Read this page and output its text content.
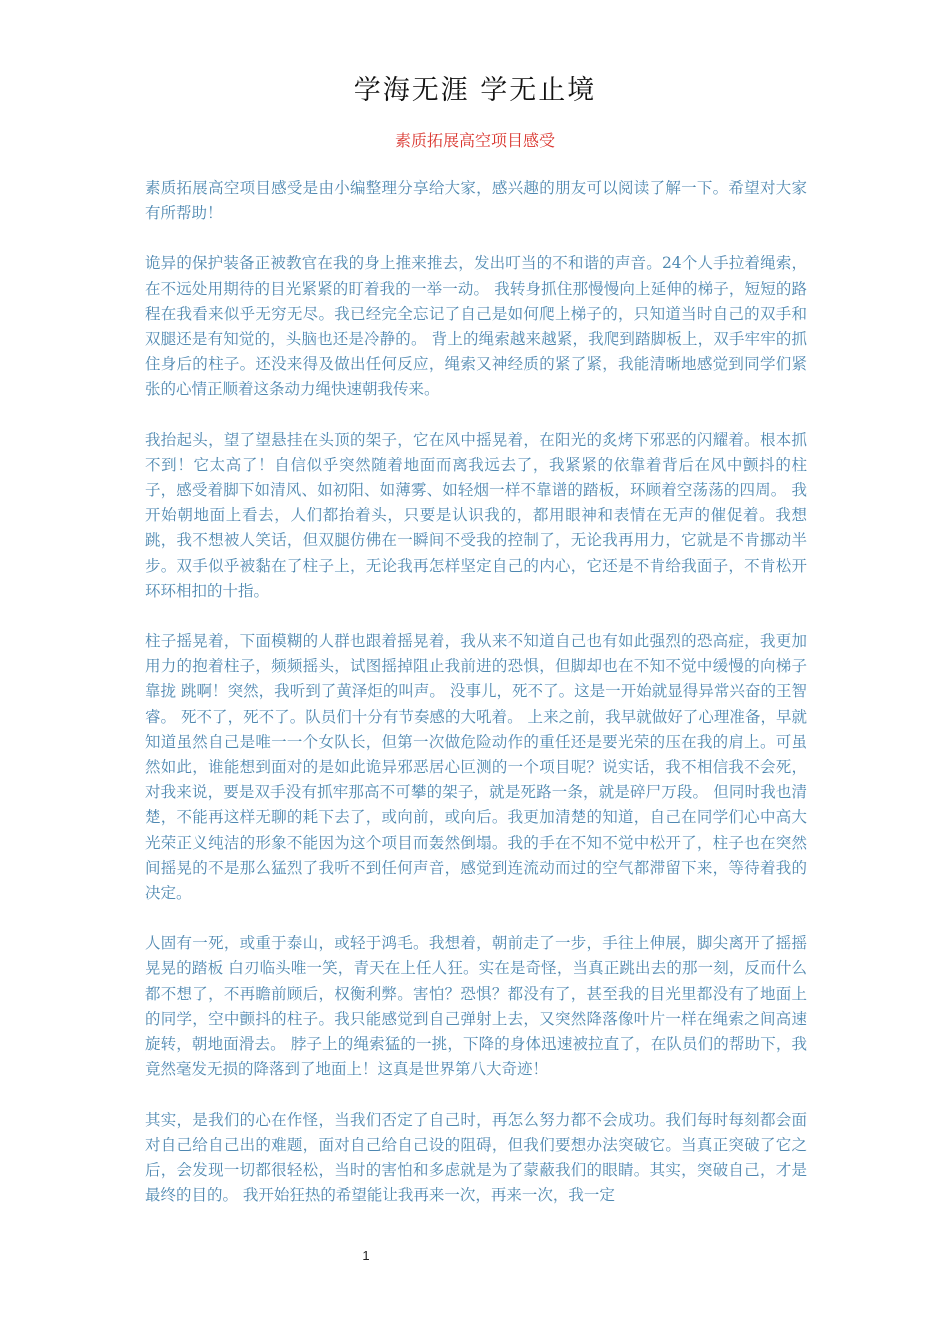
学海无涯 学无止境
素质拓展高空项目感受

素质拓展高空项目感受是由小编整理分享给大家，感兴趣的朋友可以阅读了解一下。希望对大家有所帮助！

诡异的保护装备正被教官在我的身上推来推去，发出叮当的不和谐的声音。24个人手拉着绳索，在不远处用期待的目光紧紧的盯着我的一举一动。 我转身抓住那慢慢向上延伸的梯子，短短的路程在我看来似乎无穷无尽。我已经完全忘记了自己是如何爬上梯子的，只知道当时自己的双手和双腿还是有知觉的，头脑也还是冷静的。 背上的绳索越来越紧，我爬到踏脚板上，双手牢牢的抓住身后的柱子。还没来得及做出任何反应，绳索又神经质的紧了紧，我能清晰地感觉到同学们紧张的心情正顺着这条动力绳快速朝我传来。

我抬起头，望了望悬挂在头顶的架子，它在风中摇晃着，在阳光的炙烤下邪恶的闪耀着。根本抓不到！它太高了！自信似乎突然随着地面而离我远去了，我紧紧的依靠着背后在风中颤抖的柱子，感受着脚下如清风、如初阳、如薄雾、如轻烟一样不靠谱的踏板，环顾着空荡荡的四周。 我开始朝地面上看去，人们都抬着头，只要是认识我的，都用眼神和表情在无声的催促着。我想跳，我不想被人笑话，但双腿仿佛在一瞬间不受我的控制了，无论我再用力，它就是不肯挪动半步。双手似乎被黏在了柱子上，无论我再怎样坚定自己的内心，它还是不肯给我面子，不肯松开环环相扣的十指。

柱子摇晃着，下面模糊的人群也跟着摇晃着，我从来不知道自己也有如此强烈的恐高症，我更加用力的抱着柱子，频频摇头，试图摇掉阻止我前进的恐惧，但脚却也在不知不觉中缓慢的向梯子靠拢 跳啊！突然，我听到了黄泽炬的叫声。 没事儿，死不了。这是一开始就显得异常兴奋的王智睿。 死不了，死不了。队员们十分有节奏感的大吼着。 上来之前，我早就做好了心理准备，早就知道虽然自己是唯一一个女队长，但第一次做危险动作的重任还是要光荣的压在我的肩上。可虽然如此，谁能想到面对的是如此诡异邪恶居心叵测的一个项目呢？说实话，我不相信我不会死，对我来说，要是双手没有抓牢那高不可攀的架子，就是死路一条，就是碎尸万段。 但同时我也清楚，不能再这样无聊的耗下去了，或向前，或向后。我更加清楚的知道，自己在同学们心中高大光荣正义纯洁的形象不能因为这个项目而轰然倒塌。我的手在不知不觉中松开了，柱子也在突然间摇晃的不是那么猛烈了我听不到任何声音，感觉到连流动而过的空气都滞留下来，等待着我的决定。

人固有一死，或重于泰山，或轻于鸿毛。我想着，朝前走了一步，手往上伸展，脚尖离开了摇摇晃晃的踏板 白刃临头唯一笑，青天在上任人狂。实在是奇怪，当真正跳出去的那一刻，反而什么都不想了，不再瞻前顾后，权衡利弊。害怕？恐惧？都没有了，甚至我的目光里都没有了地面上的同学，空中颤抖的柱子。我只能感觉到自己弹射上去，又突然降落像叶片一样在绳索之间高速旋转，朝地面滑去。 脖子上的绳索猛的一挑，下降的身体迅速被拉直了，在队员们的帮助下，我竟然毫发无损的降落到了地面上！这真是世界第八大奇迹！

其实，是我们的心在作怪，当我们否定了自己时，再怎么努力都不会成功。我们每时每刻都会面对自己给自己出的难题，面对自己给自己设的阻碍，但我们要想办法突破它。当真正突破了它之后，会发现一切都很轻松，当时的害怕和多虑就是为了蒙蔽我们的眼睛。其实，突破自己，才是最终的目的。 我开始狂热的希望能让我再来一次，再来一次，我一定

1
